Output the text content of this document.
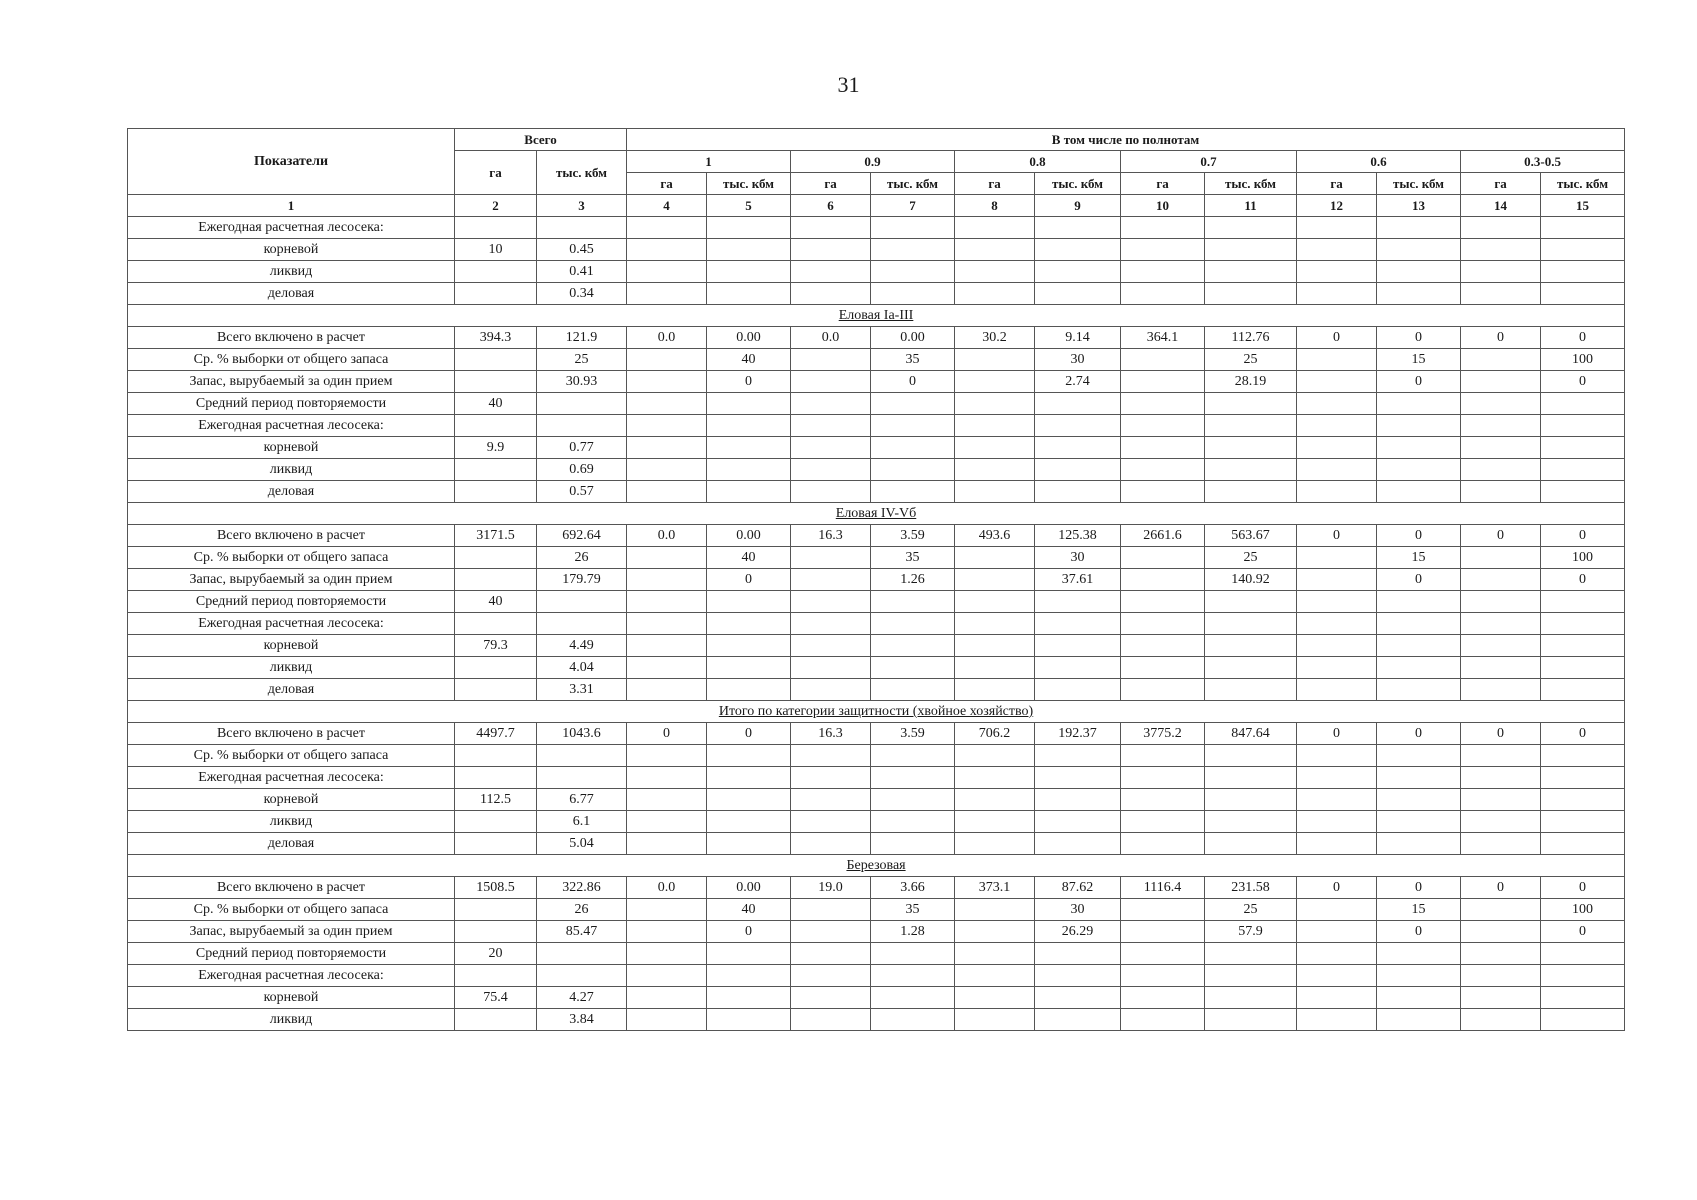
31
Показатели	Всего		В том числе по полнотам											
	га	тыс. кбм	1		0.9		0.8		0.7		0.6		0.3-0.5	
			га	тыс. кбм	га	тыс. кбм	га	тыс. кбм	га	тыс. кбм	га	тыс. кбм	га	тыс. кбм
1	2	3	4	5	6	7	8	9	10	11	12	13	14	15
Ежегодная расчетная лесосека:														
корневой	10	0.45												
ликвид		0.41												
деловая		0.34												
Еловая Ia-III														
Всего включено в расчет	394.3	121.9	0.0	0.00	0.0	0.00	30.2	9.14	364.1	112.76	0	0	0	0
Ср. % выборки от общего запаса		25		40		35		30		25		15		100
Запас, вырубаемый за один прием		30.93		0		0		2.74		28.19		0		0
Средний период повторяемости	40													
Ежегодная расчетная лесосека:														
корневой	9.9	0.77												
ликвид		0.69												
деловая		0.57												
Еловая IV-Vб														
Всего включено в расчет	3171.5	692.64	0.0	0.00	16.3	3.59	493.6	125.38	2661.6	563.67	0	0	0	0
Ср. % выборки от общего запаса		26		40		35		30		25		15		100
Запас, вырубаемый за один прием		179.79		0		1.26		37.61		140.92		0		0
Средний период повторяемости	40													
Ежегодная расчетная лесосека:														
корневой	79.3	4.49												
ликвид		4.04												
деловая		3.31												
Итого по категории защитности (хвойное хозяйство)														
Всего включено в расчет	4497.7	1043.6	0	0	16.3	3.59	706.2	192.37	3775.2	847.64	0	0	0	0
Ср. % выборки от общего запаса														
Ежегодная расчетная лесосека:														
корневой	112.5	6.77												
ликвид		6.1												
деловая		5.04												
Березовая														
Всего включено в расчет	1508.5	322.86	0.0	0.00	19.0	3.66	373.1	87.62	1116.4	231.58	0	0	0	0
Ср. % выборки от общего запаса		26		40		35		30		25		15		100
Запас, вырубаемый за один прием		85.47		0		1.28		26.29		57.9		0		0
Средний период повторяемости	20													
Ежегодная расчетная лесосека:														
корневой	75.4	4.27												
ликвид		3.84												
